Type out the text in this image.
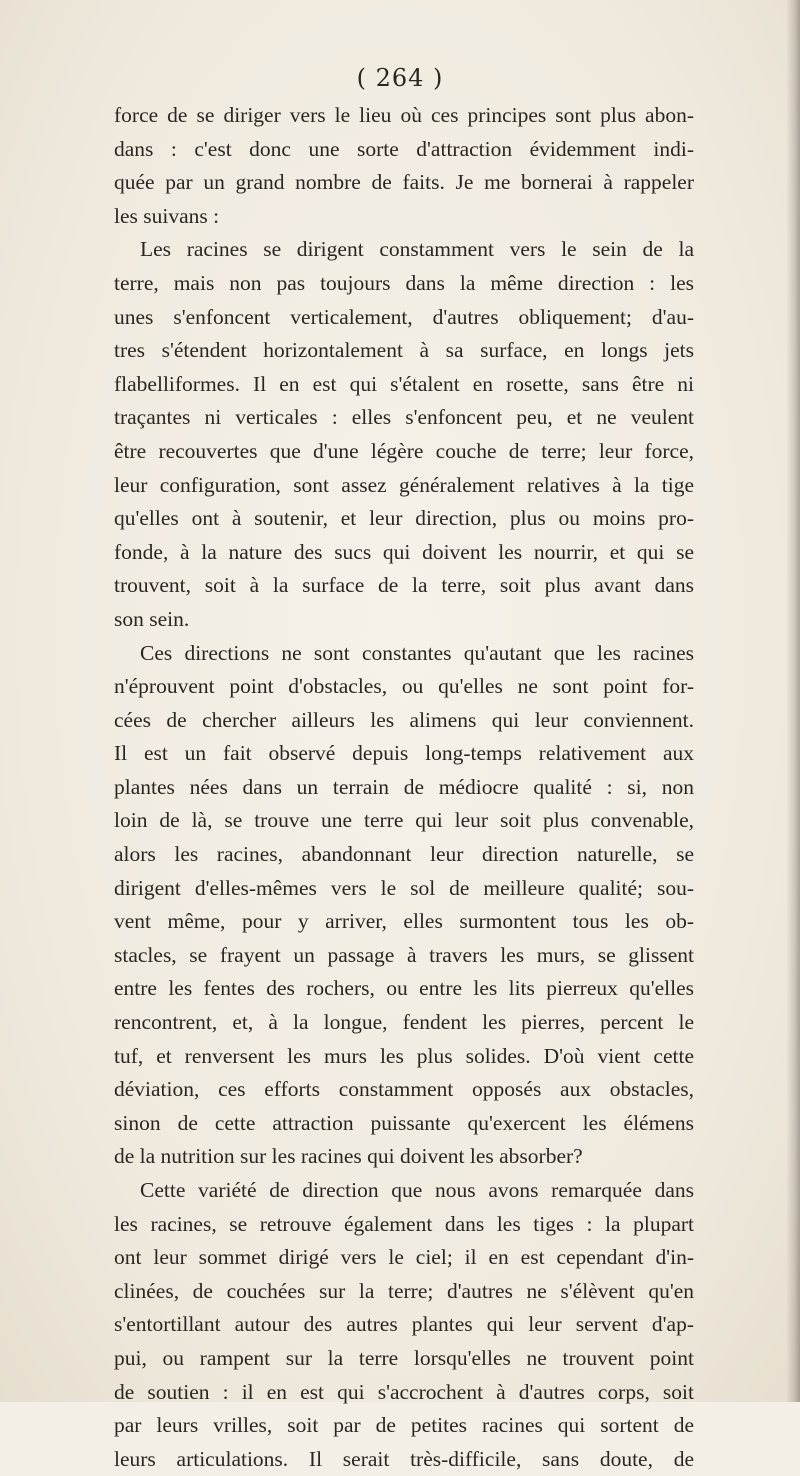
( 264 )
force de se diriger vers le lieu où ces principes sont plus abon-
dans : c'est donc une sorte d'attraction évidemment indi-
quée par un grand nombre de faits. Je me bornerai à rappeler
les suivans :
Les racines se dirigent constamment vers le sein de la
terre, mais non pas toujours dans la même direction : les
unes s'enfoncent verticalement, d'autres obliquement; d'au-
tres s'étendent horizontalement à sa surface, en longs jets
flabelliformes. Il en est qui s'étalent en rosette, sans être ni
traçantes ni verticales : elles s'enfoncent peu, et ne veulent
être recouvertes que d'une légère couche de terre; leur force,
leur configuration, sont assez généralement relatives à la tige
qu'elles ont à soutenir, et leur direction, plus ou moins pro-
fonde, à la nature des sucs qui doivent les nourrir, et qui se
trouvent, soit à la surface de la terre, soit plus avant dans
son sein.
Ces directions ne sont constantes qu'autant que les racines
n'éprouvent point d'obstacles, ou qu'elles ne sont point for-
cées de chercher ailleurs les alimens qui leur conviennent.
Il est un fait observé depuis long-temps relativement aux
plantes nées dans un terrain de médiocre qualité : si, non
loin de là, se trouve une terre qui leur soit plus convenable,
alors les racines, abandonnant leur direction naturelle, se
dirigent d'elles-mêmes vers le sol de meilleure qualité; sou-
vent même, pour y arriver, elles surmontent tous les ob-
stacles, se frayent un passage à travers les murs, se glissent
entre les fentes des rochers, ou entre les lits pierreux qu'elles
rencontrent, et, à la longue, fendent les pierres, percent le
tuf, et renversent les murs les plus solides. D'où vient cette
déviation, ces efforts constamment opposés aux obstacles,
sinon de cette attraction puissante qu'exercent les élémens
de la nutrition sur les racines qui doivent les absorber?
Cette variété de direction que nous avons remarquée dans
les racines, se retrouve également dans les tiges : la plupart
ont leur sommet dirigé vers le ciel; il en est cependant d'in-
clinées, de couchées sur la terre; d'autres ne s'élèvent qu'en
s'entortillant autour des autres plantes qui leur servent d'ap-
pui, ou rampent sur la terre lorsqu'elles ne trouvent point
de soutien : il en est qui s'accrochent à d'autres corps, soit
par leurs vrilles, soit par de petites racines qui sortent de
leurs articulations. Il serait très-difficile, sans doute, de
